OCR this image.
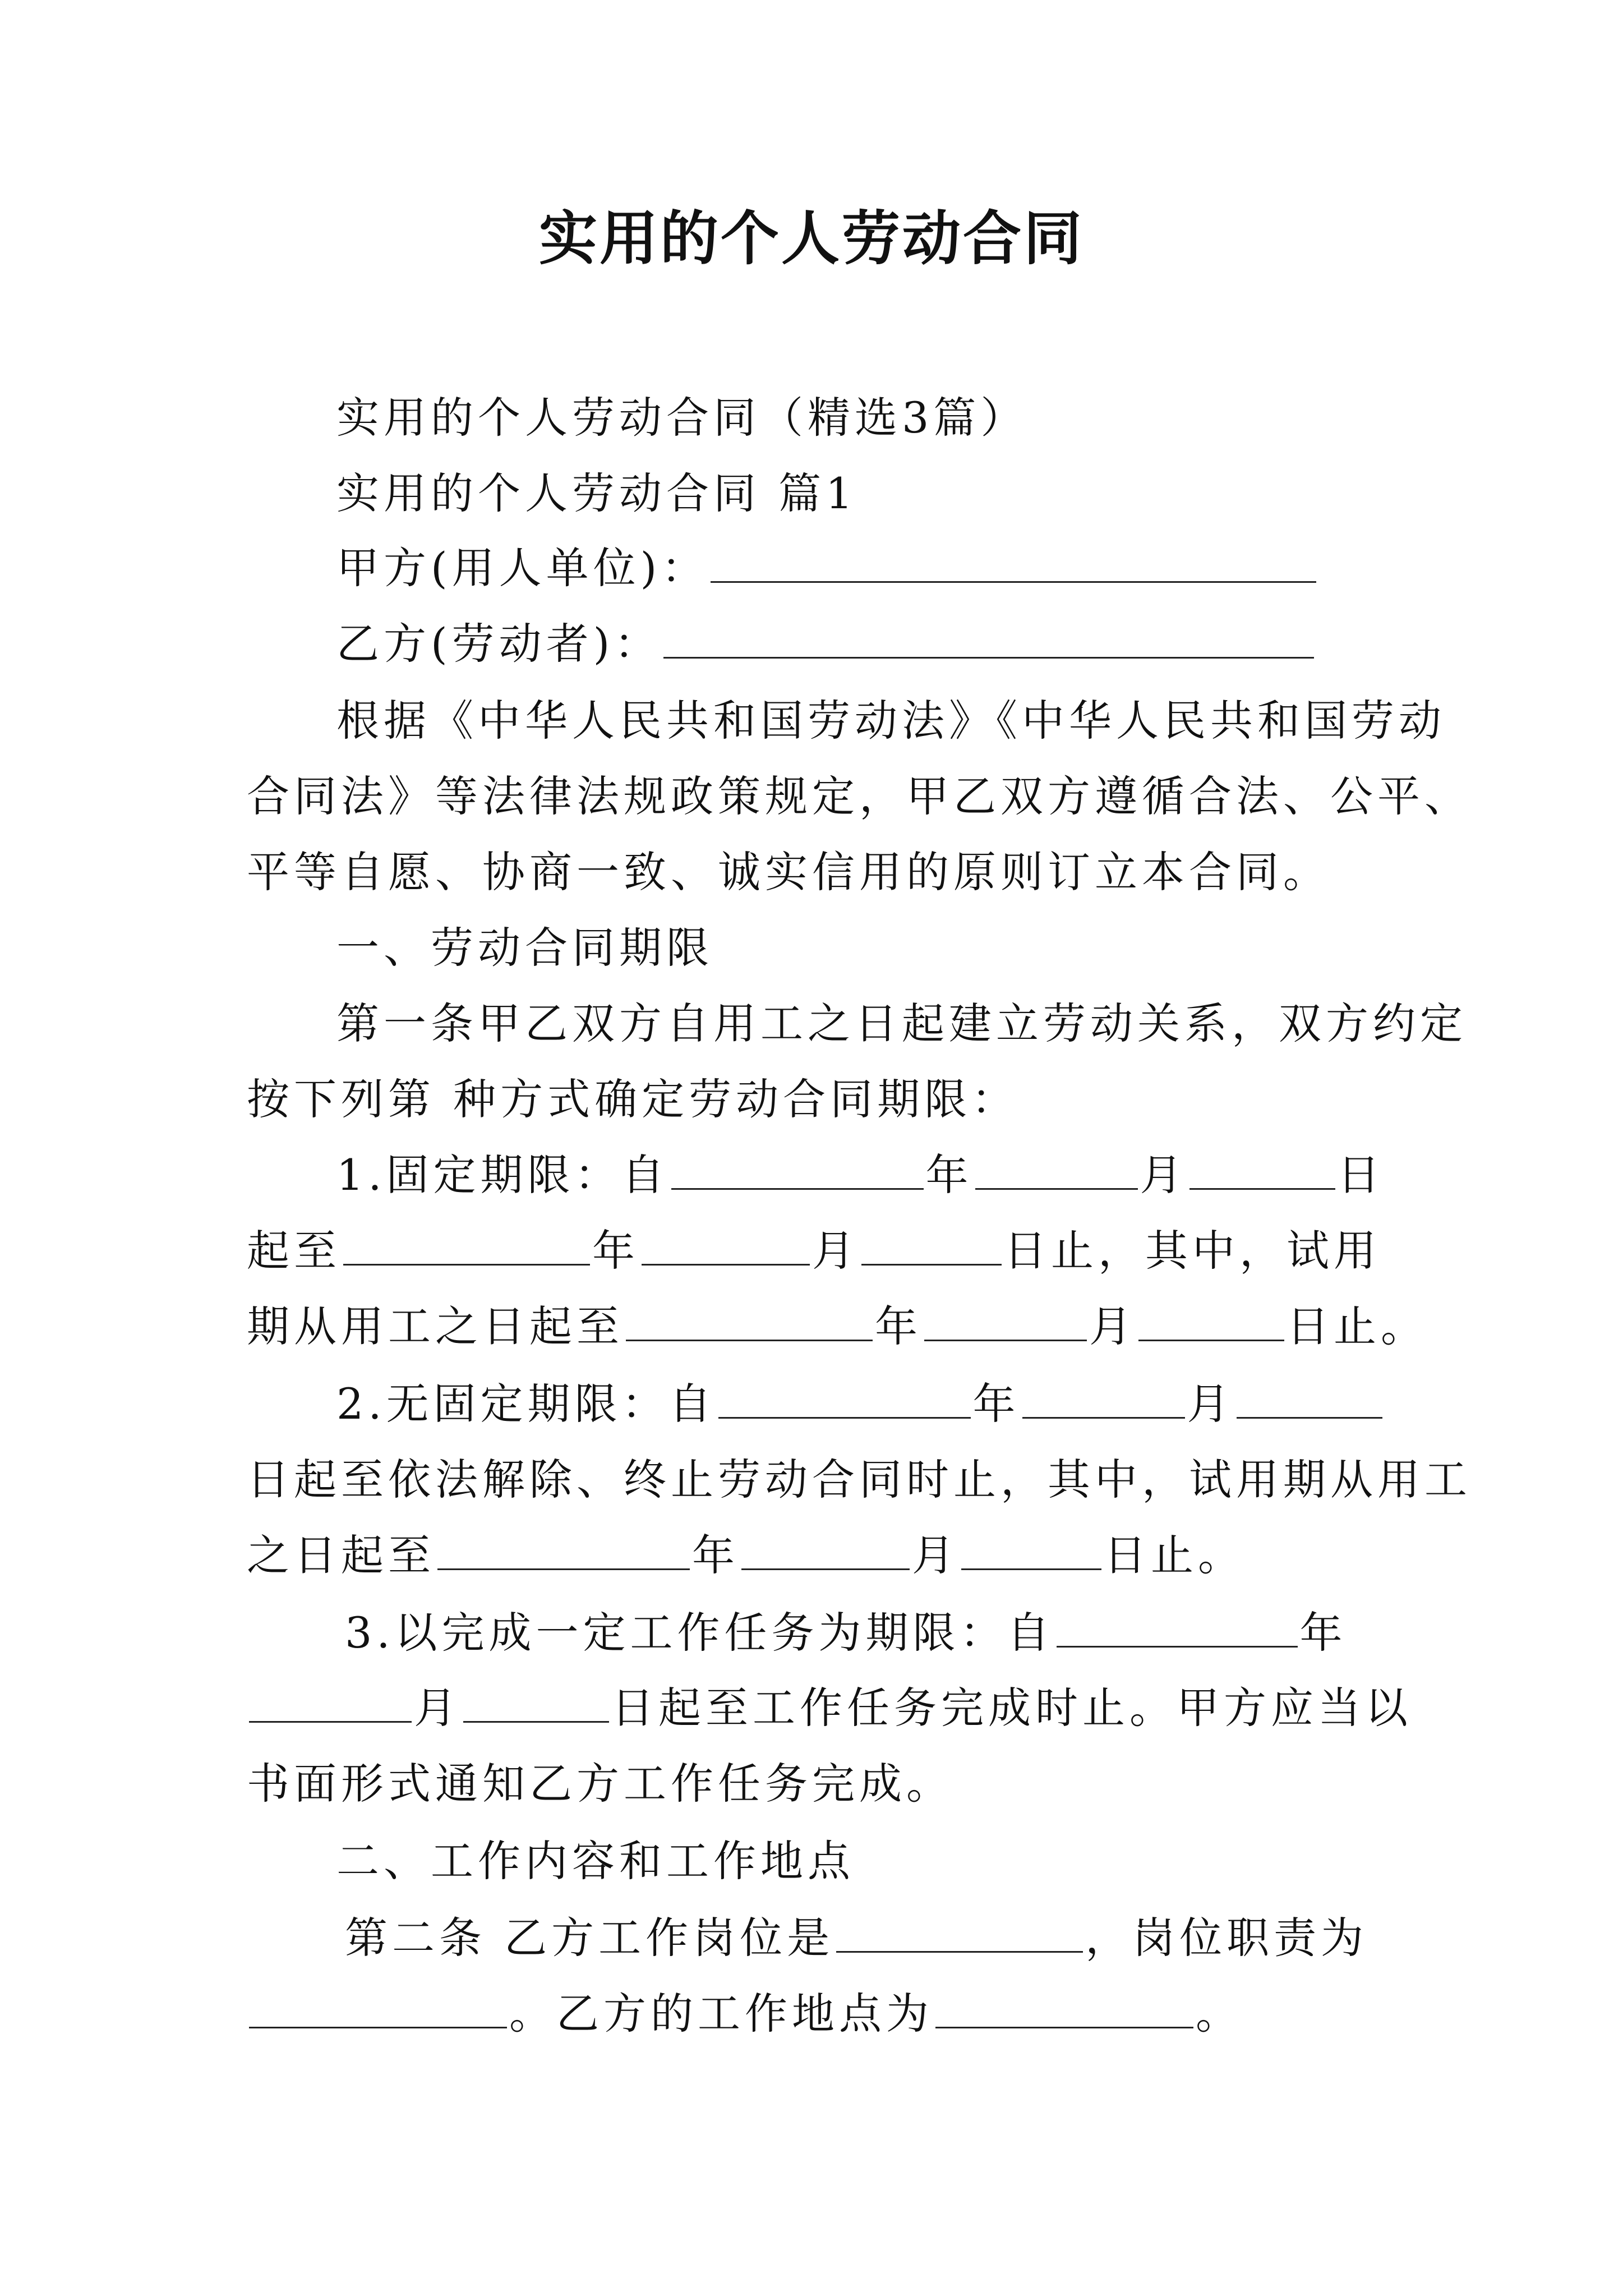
实用的个人劳动合同
实用的个人劳动合同（精选3篇）
实用的个人劳动合同 篇1
甲方(用人单位)：
乙方(劳动者)：
根据《中华人民共和国劳动法》《中华人民共和国劳动
合同法》等法律法规政策规定，甲乙双方遵循合法、公平、
平等自愿、协商一致、诚实信用的原则订立本合同。
一、劳动合同期限
第一条甲乙双方自用工之日起建立劳动关系，双方约定
按下列第 种方式确定劳动合同期限：
1.固定期限：自	年	月	日
起至	年	月	日止，其中，试用
期从用工之日起至	年	月	日止。
2.无固定期限：自	年	月
日起至依法解除、终止劳动合同时止，其中，试用期从用工
之日起至	年	月	日止。
3.以完成一定工作任务为期限：自	年
月	日起至工作任务完成时止。甲方应当以
书面形式通知乙方工作任务完成。
二、工作内容和工作地点
第二条 乙方工作岗位是	，岗位职责为
。乙方的工作地点为	。
